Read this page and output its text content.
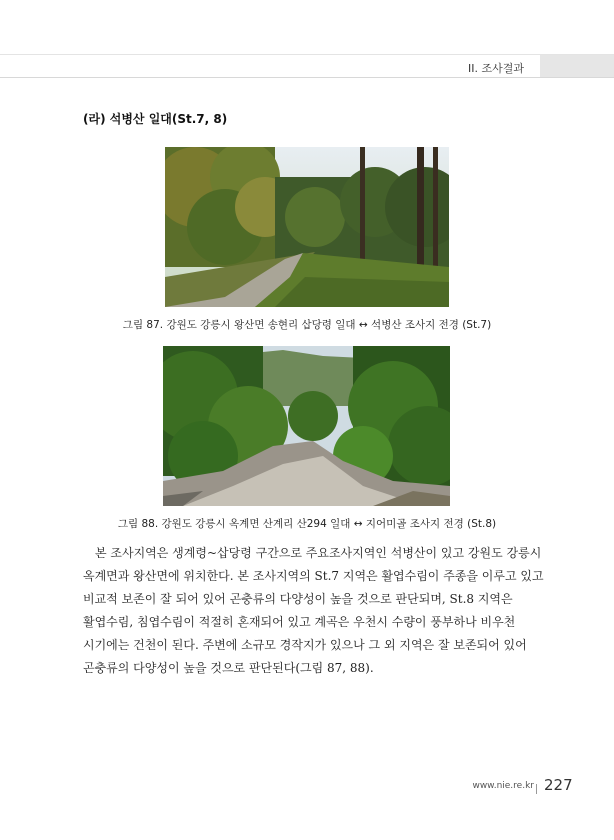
II. 조사결과
(라) 석병산 일대(St.7, 8)
그림 87. 강원도 강릉시 왕산면 송현리 삽당령 일대 ↔ 석병산 조사지 전경 (St.7)
그림 88. 강원도 강릉시 옥계면 산계리 산294 일대 ↔ 지어미골 조사지 전경 (St.8)
　본 조사지역은 생계령~삽당령 구간으로 주요조사지역인 석병산이 있고 강원도 강릉시
옥계면과 왕산면에 위치한다. 본 조사지역의 St.7 지역은 활엽수림이 주종을 이루고 있고
비교적 보존이 잘 되어 있어 곤충류의 다양성이 높을 것으로 판단되며, St.8 지역은
활엽수림, 침엽수림이 적절히 혼재되어 있고 계곡은 우천시 수량이 풍부하나 비우천
시기에는 건천이 된다. 주변에 소규모 경작지가 있으나 그 외 지역은 잘 보존되어 있어
곤충류의 다양성이 높을 것으로 판단된다(그림 87, 88).
www.nie.re.kr 227
